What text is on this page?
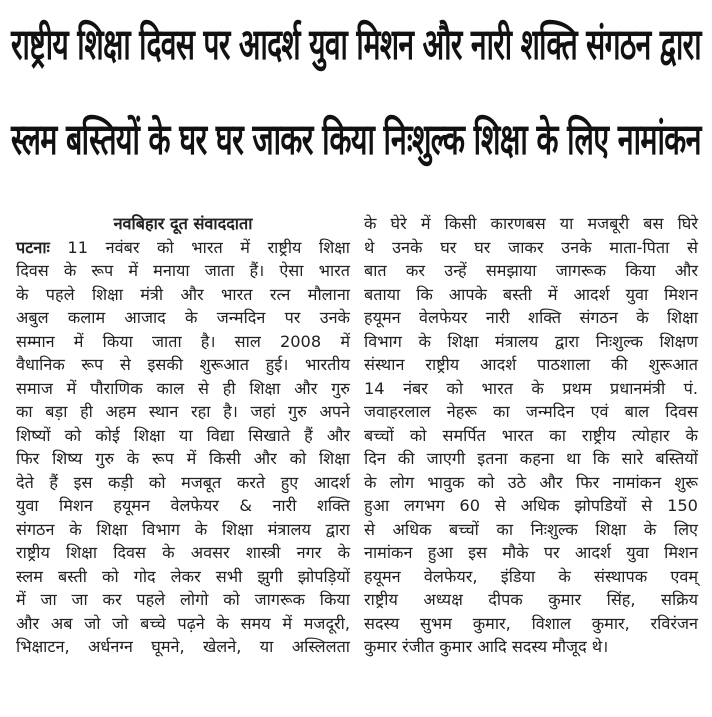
राष्ट्रीय शिक्षा दिवस पर आदर्श युवा मिशन और नारी शक्ति संगठन द्वारा
स्लम बस्तियों के घर घर जाकर किया निःशुल्क शिक्षा के लिए नामांकन
नवबिहार दूत संवाददाता
पटनाः 11 नवंबर को भारत में राष्ट्रीय शिक्षा
दिवस के रूप में मनाया जाता हैं। ऐसा भारत
के पहले शिक्षा मंत्री और भारत रत्न मौलाना
अबुल कलाम आजाद के जन्मदिन पर उनके
सम्मान में किया जाता है। साल 2008 में
वैधानिक रूप से इसकी शुरूआत हुई। भारतीय
समाज में पौराणिक काल से ही शिक्षा और गुरु
का बड़ा ही अहम स्थान रहा है। जहां गुरु अपने
शिष्यों को कोई शिक्षा या विद्या सिखाते हैं और
फिर शिष्य गुरु के रूप में किसी और को शिक्षा
देते हैं इस कड़ी को मजबूत करते हुए आदर्श
युवा मिशन हयूमन वेलफेयर & नारी शक्ति
संगठन के शिक्षा विभाग के शिक्षा मंत्रालय द्वारा
राष्ट्रीय शिक्षा दिवस के अवसर शास्त्री नगर के
स्लम बस्ती को गोद लेकर सभी झुगी झोपड़ियों
में जा जा कर पहले लोगो को जागरूक किया
और अब जो जो बच्चे पढ़ने के समय में मजदूरी,
भिक्षाटन, अर्धनग्न घूमने, खेलने, या अस्लिलता
के घेरे में किसी कारणबस या मजबूरी बस घिरे
थे उनके घर घर जाकर उनके माता-पिता से
बात कर उन्हें समझाया जागरूक किया और
बताया कि आपके बस्ती में आदर्श युवा मिशन
हयूमन वेलफेयर नारी शक्ति संगठन के शिक्षा
विभाग के शिक्षा मंत्रालय द्वारा निःशुल्क शिक्षण
संस्थान राष्ट्रीय आदर्श पाठशाला की शुरूआत
14 नंबर को भारत के प्रथम प्रधानमंत्री पं.
जवाहरलाल नेहरू का जन्मदिन एवं बाल दिवस
बच्चों को समर्पित भारत का राष्ट्रीय त्योहार के
दिन की जाएगी इतना कहना था कि सारे बस्तियों
के लोग भावुक को उठे और फिर नामांकन शुरू
हुआ लगभग 60 से अधिक झोपडियों से 150
से अधिक बच्चों का निःशुल्क शिक्षा के लिए
नामांकन हुआ इस मौके पर आदर्श युवा मिशन
हयूमन वेलफेयर, इंडिया के संस्थापक एवम्
राष्ट्रीय अध्यक्ष दीपक कुमार सिंह, सक्रिय
सदस्य सुभम कुमार, विशाल कुमार, रविरंजन
कुमार रंजीत कुमार आदि सदस्य मौजूद थे।
